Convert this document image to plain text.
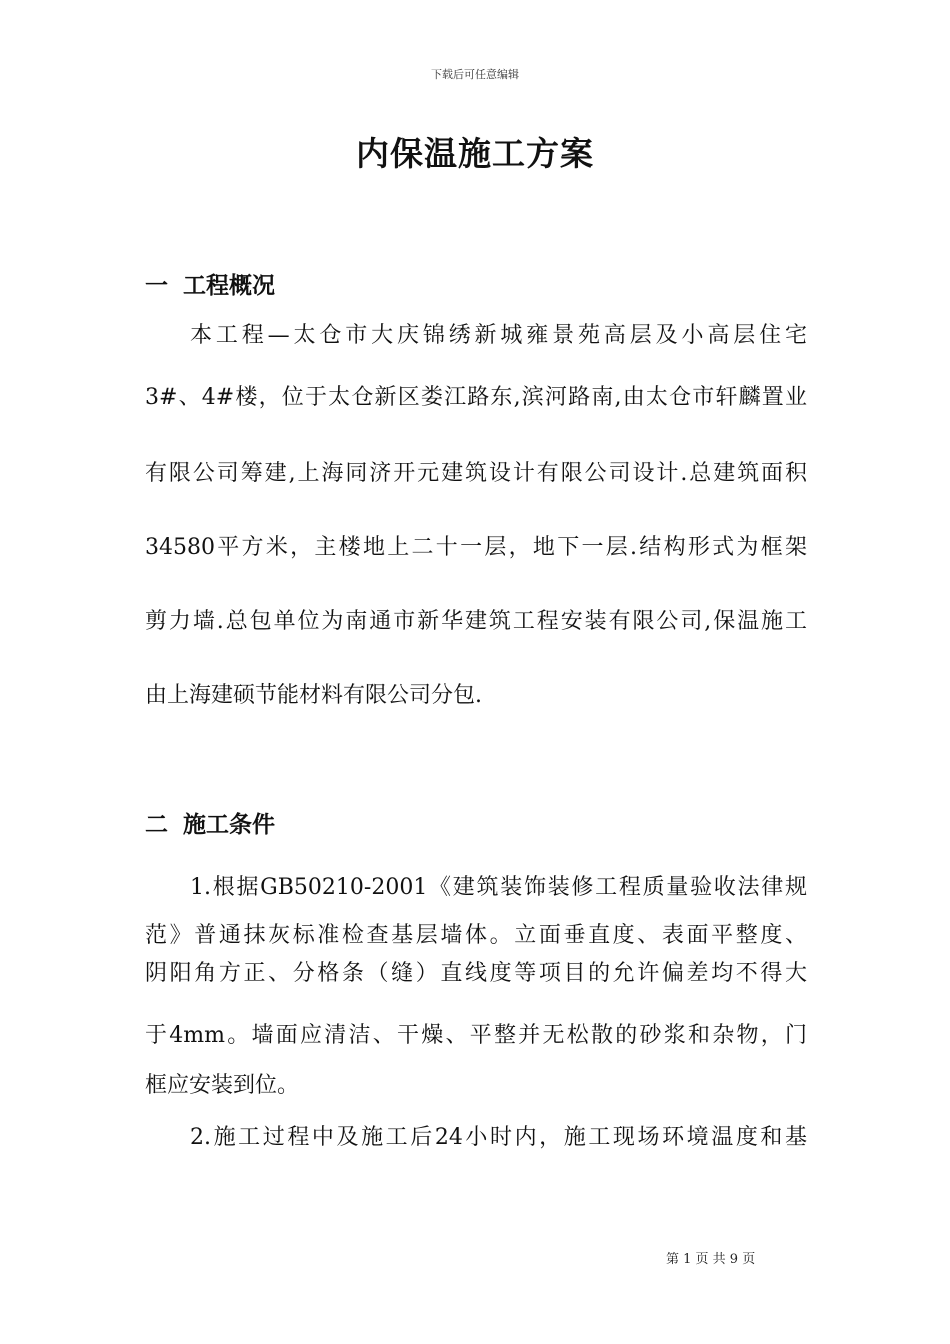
下载后可任意编辑
内保温施工方案
一 工程概况
本工程—太仓市大庆锦绣新城雍景苑高层及小高层住宅
3#、4#楼，位于太仓新区娄江路东,滨河路南,由太仓市轩麟置业
有限公司筹建,上海同济开元建筑设计有限公司设计.总建筑面积
34580平方米，主楼地上二十一层，地下一层.结构形式为框架
剪力墙.总包单位为南通市新华建筑工程安装有限公司,保温施工
由上海建硕节能材料有限公司分包.
二 施工条件
1.根据GB50210-2001《建筑装饰装修工程质量验收法律规
范》普通抹灰标准检查基层墙体。立面垂直度、表面平整度、
阴阳角方正、分格条（缝）直线度等项目的允许偏差均不得大
于4mm。墙面应清洁、干燥、平整并无松散的砂浆和杂物，门
框应安装到位。
2.施工过程中及施工后24小时内，施工现场环境温度和基
第 1 页 共 9 页
